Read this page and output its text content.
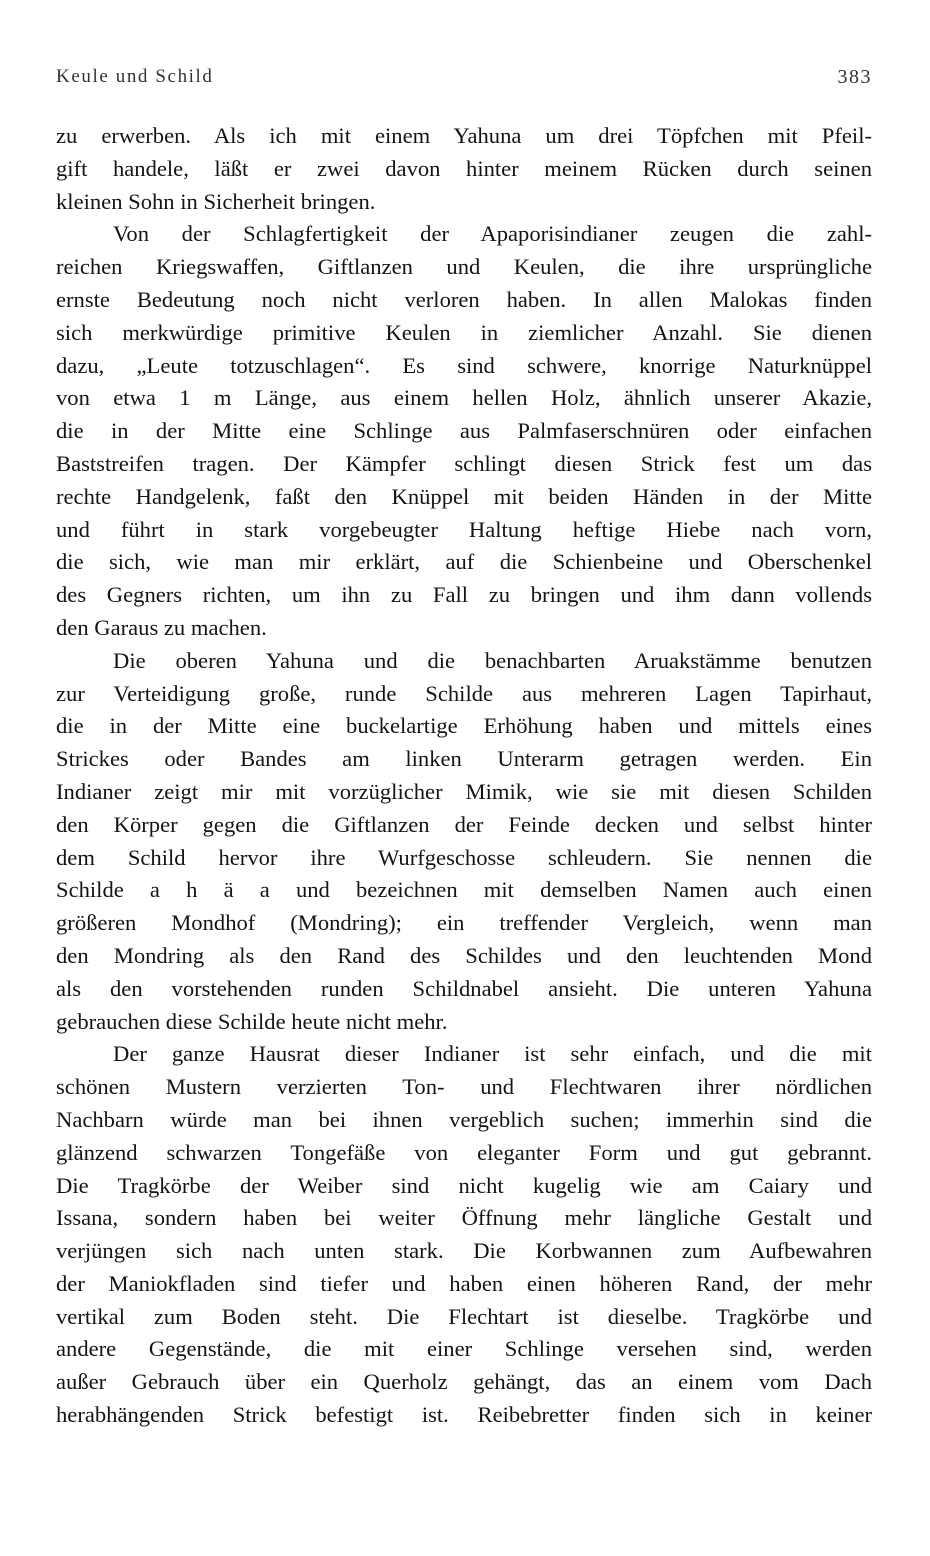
Keule und Schild	383
zu erwerben. Als ich mit einem Yahuna um drei Töpfchen mit Pfeil-
gift handele, läßt er zwei davon hinter meinem Rücken durch seinen
kleinen Sohn in Sicherheit bringen.
Von der Schlagfertigkeit der Apaporisindianer zeugen die zahl-
reichen Kriegswaffen, Giftlanzen und Keulen, die ihre ursprüngliche
ernste Bedeutung noch nicht verloren haben. In allen Malokas finden
sich merkwürdige primitive Keulen in ziemlicher Anzahl. Sie dienen
dazu, „Leute totzuschlagen“. Es sind schwere, knorrige Naturknüppel
von etwa 1 m Länge, aus einem hellen Holz, ähnlich unserer Akazie,
die in der Mitte eine Schlinge aus Palmfaserschnüren oder einfachen
Baststreifen tragen. Der Kämpfer schlingt diesen Strick fest um das
rechte Handgelenk, faßt den Knüppel mit beiden Händen in der Mitte
und führt in stark vorgebeugter Haltung heftige Hiebe nach vorn,
die sich, wie man mir erklärt, auf die Schienbeine und Oberschenkel
des Gegners richten, um ihn zu Fall zu bringen und ihm dann vollends
den Garaus zu machen.
Die oberen Yahuna und die benachbarten Aruakstämme benutzen
zur Verteidigung große, runde Schilde aus mehreren Lagen Tapirhaut,
die in der Mitte eine buckelartige Erhöhung haben und mittels eines
Strickes oder Bandes am linken Unterarm getragen werden. Ein
Indianer zeigt mir mit vorzüglicher Mimik, wie sie mit diesen Schilden
den Körper gegen die Giftlanzen der Feinde decken und selbst hinter
dem Schild hervor ihre Wurfgeschosse schleudern. Sie nennen die
Schilde a h ä a und bezeichnen mit demselben Namen auch einen
größeren Mondhof (Mondring); ein treffender Vergleich, wenn man
den Mondring als den Rand des Schildes und den leuchtenden Mond
als den vorstehenden runden Schildnabel ansieht. Die unteren Yahuna
gebrauchen diese Schilde heute nicht mehr.
Der ganze Hausrat dieser Indianer ist sehr einfach, und die mit
schönen Mustern verzierten Ton- und Flechtwaren ihrer nördlichen
Nachbarn würde man bei ihnen vergeblich suchen; immerhin sind die
glänzend schwarzen Tongefäße von eleganter Form und gut gebrannt.
Die Tragkörbe der Weiber sind nicht kugelig wie am Caiary und
Issana, sondern haben bei weiter Öffnung mehr längliche Gestalt und
verjüngen sich nach unten stark. Die Korbwannen zum Aufbewahren
der Maniokfladen sind tiefer und haben einen höheren Rand, der mehr
vertikal zum Boden steht. Die Flechtart ist dieselbe. Tragkörbe und
andere Gegenstände, die mit einer Schlinge versehen sind, werden
außer Gebrauch über ein Querholz gehängt, das an einem vom Dach
herabhängenden Strick befestigt ist. Reibebretter finden sich in keiner
